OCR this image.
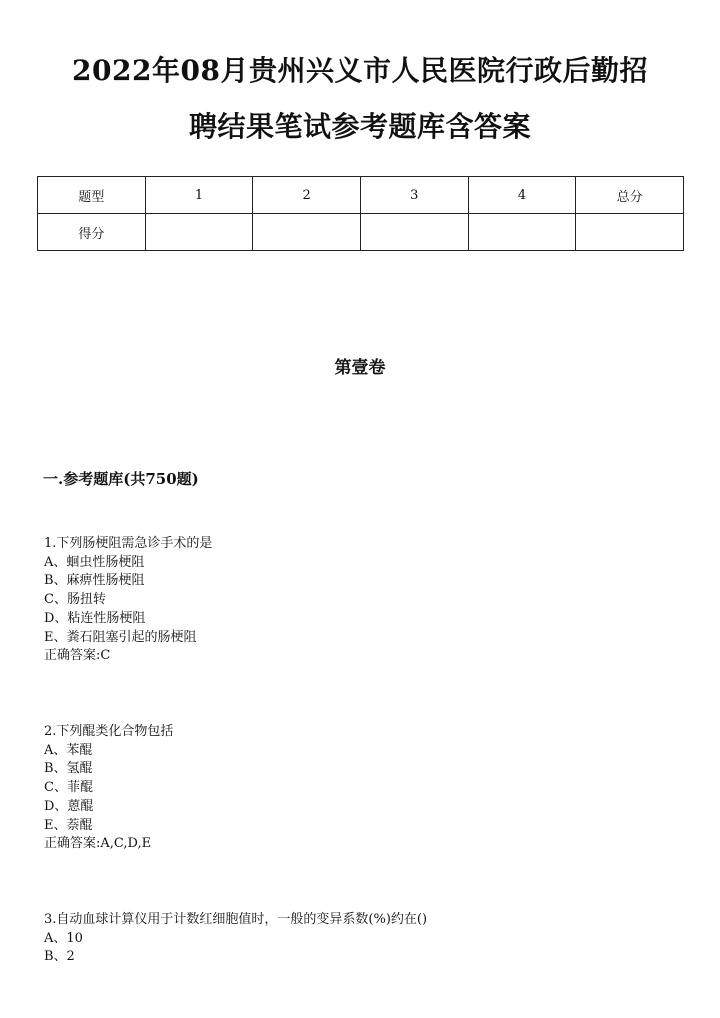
2022年08月贵州兴义市人民医院行政后勤招
聘结果笔试参考题库含答案
题型	1	2	3	4	总分
得分					
第壹卷
一.参考题库(共750题)
1.下列肠梗阻需急诊手术的是
A、蛔虫性肠梗阻
B、麻痹性肠梗阻
C、肠扭转
D、粘连性肠梗阻
E、粪石阻塞引起的肠梗阻
正确答案:C
2.下列醌类化合物包括
A、苯醌
B、氢醌
C、菲醌
D、蒽醌
E、萘醌
正确答案:A,C,D,E
3.自动血球计算仪用于计数红细胞值时，一般的变异系数(%)约在()
A、10
B、2
